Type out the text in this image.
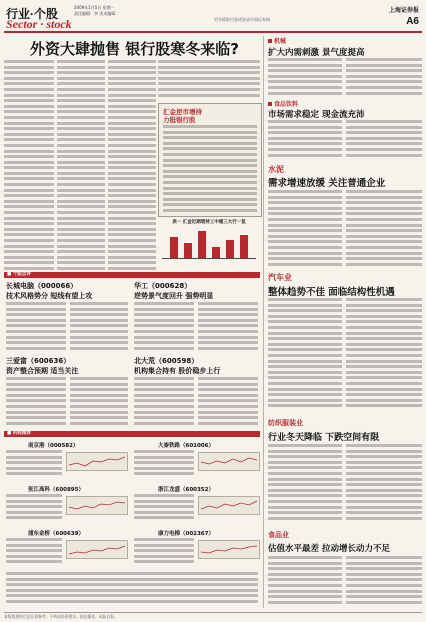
行业·个股
Sector · stock
2009年1月5日 星期一
责任编辑：李 美术编辑：
更多精彩内容请登录中国证券网
上海证券报
A6
外资大肆抛售 银行股寒冬来临?
汇金逆市增持
力挺银行股
表一 汇金近期增持工中建三大行一览
机械
扩大内需刺激 景气度提高
食品饮料
市场需求稳定 现金流充沛
水泥
需求增速放缓 关注普通企业
汽车业
整体趋势不佳 面临结构性机遇
纺织服装业
行业冬天降临 下跌空间有限
食品业
估值水平最差 拉动增长动力不足
■ 个股点评
长城电脑（000066）
技术风格势分 短线有望上攻
华工（000628）
逆势景气度回升 强势明显
三爱富（600636）
资产整合预期 适当关注
北大荒（600598）
机构集合持有 股价稳步上行
■ 机构推荐
南京港（000582）
张江高科（600895）
浦东金桥（600639）
大秦铁路（601006）
浙江龙盛（600352）
康力电梯（002367）
本版提供的信息仅供参考，不构成投资建议。据此操作，风险自担。
